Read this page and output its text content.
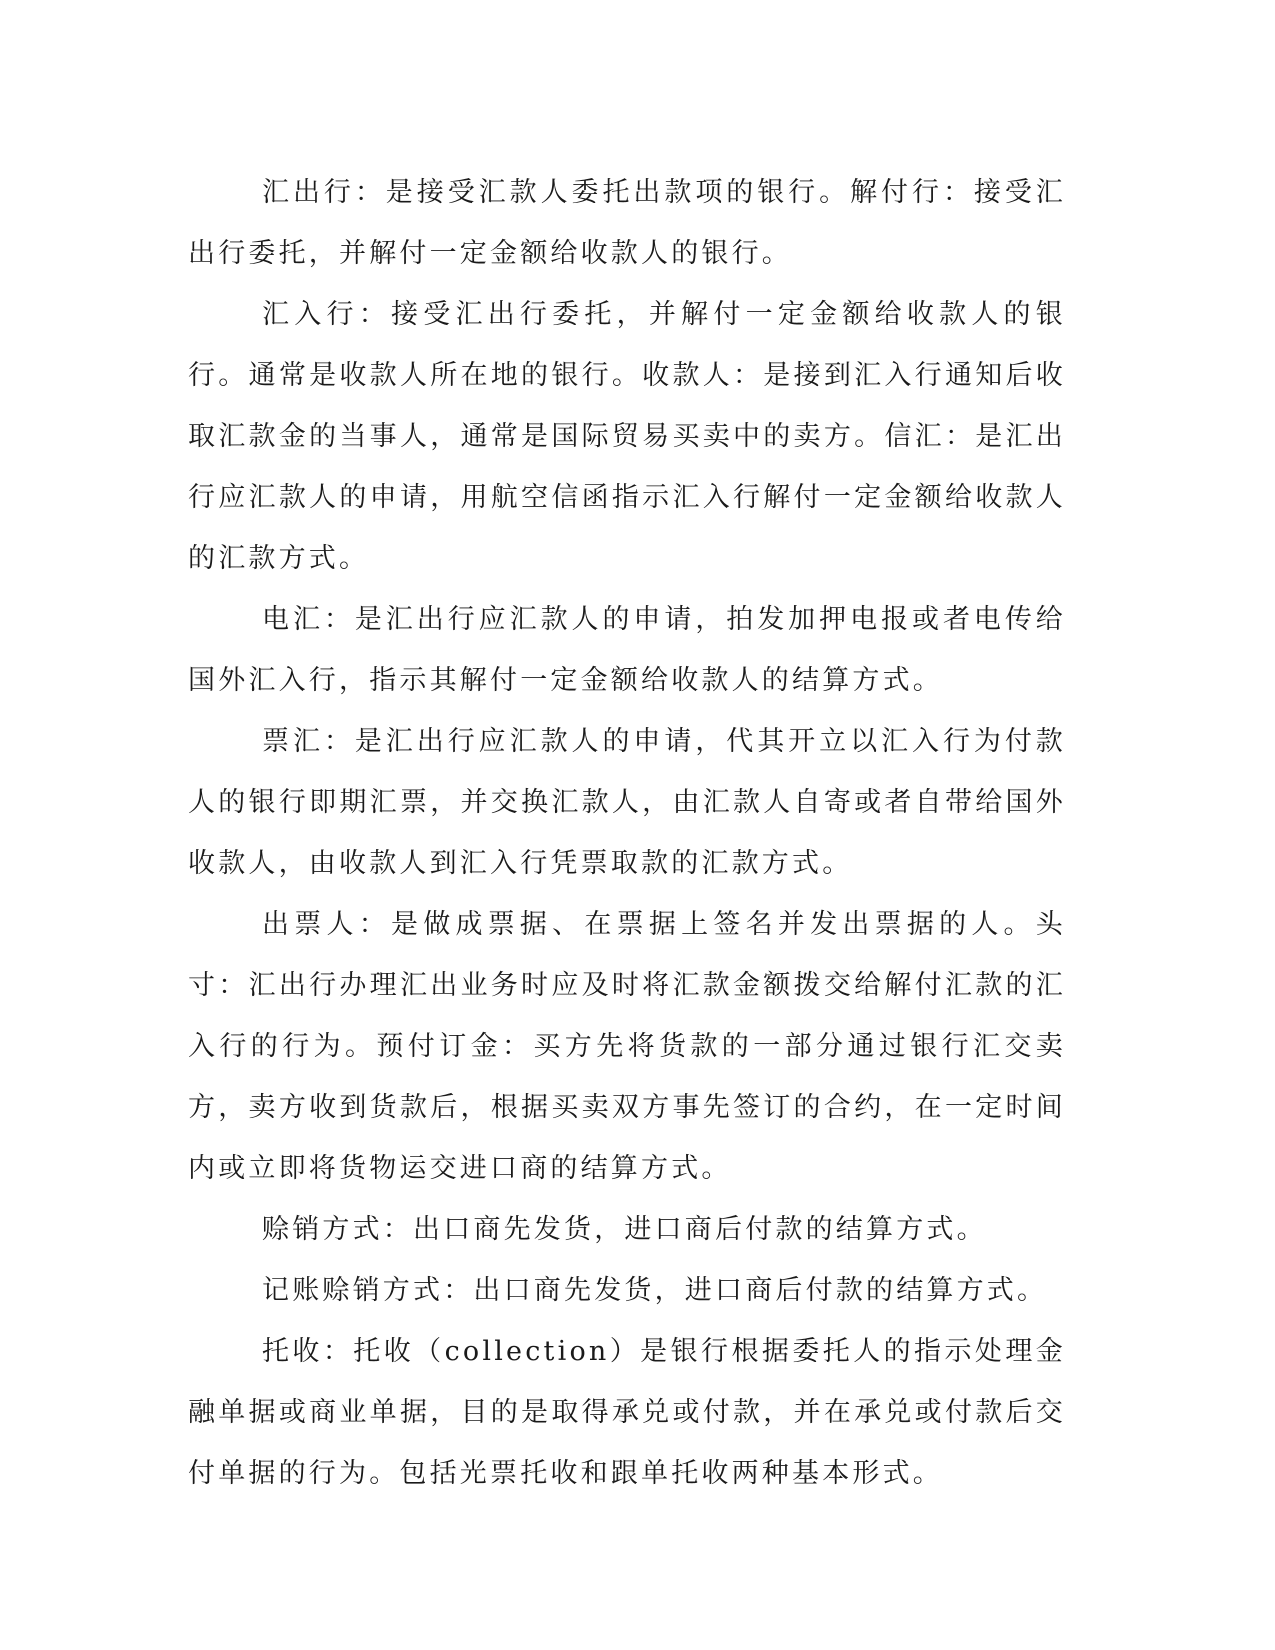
汇出行：是接受汇款人委托出款项的银行。解付行：接受汇出行委托，并解付一定金额给收款人的银行。

汇入行：接受汇出行委托，并解付一定金额给收款人的银行。通常是收款人所在地的银行。收款人：是接到汇入行通知后收取汇款金的当事人，通常是国际贸易买卖中的卖方。信汇：是汇出行应汇款人的申请，用航空信函指示汇入行解付一定金额给收款人的汇款方式。

电汇：是汇出行应汇款人的申请，拍发加押电报或者电传给国外汇入行，指示其解付一定金额给收款人的结算方式。

票汇：是汇出行应汇款人的申请，代其开立以汇入行为付款人的银行即期汇票，并交换汇款人，由汇款人自寄或者自带给国外收款人，由收款人到汇入行凭票取款的汇款方式。

出票人：是做成票据、在票据上签名并发出票据的人。头寸：汇出行办理汇出业务时应及时将汇款金额拨交给解付汇款的汇入行的行为。预付订金：买方先将货款的一部分通过银行汇交卖方，卖方收到货款后，根据买卖双方事先签订的合约，在一定时间内或立即将货物运交进口商的结算方式。

赊销方式：出口商先发货，进口商后付款的结算方式。

记账赊销方式：出口商先发货，进口商后付款的结算方式。

托收：托收（collection）是银行根据委托人的指示处理金融单据或商业单据，目的是取得承兑或付款，并在承兑或付款后交付单据的行为。包括光票托收和跟单托收两种基本形式。
